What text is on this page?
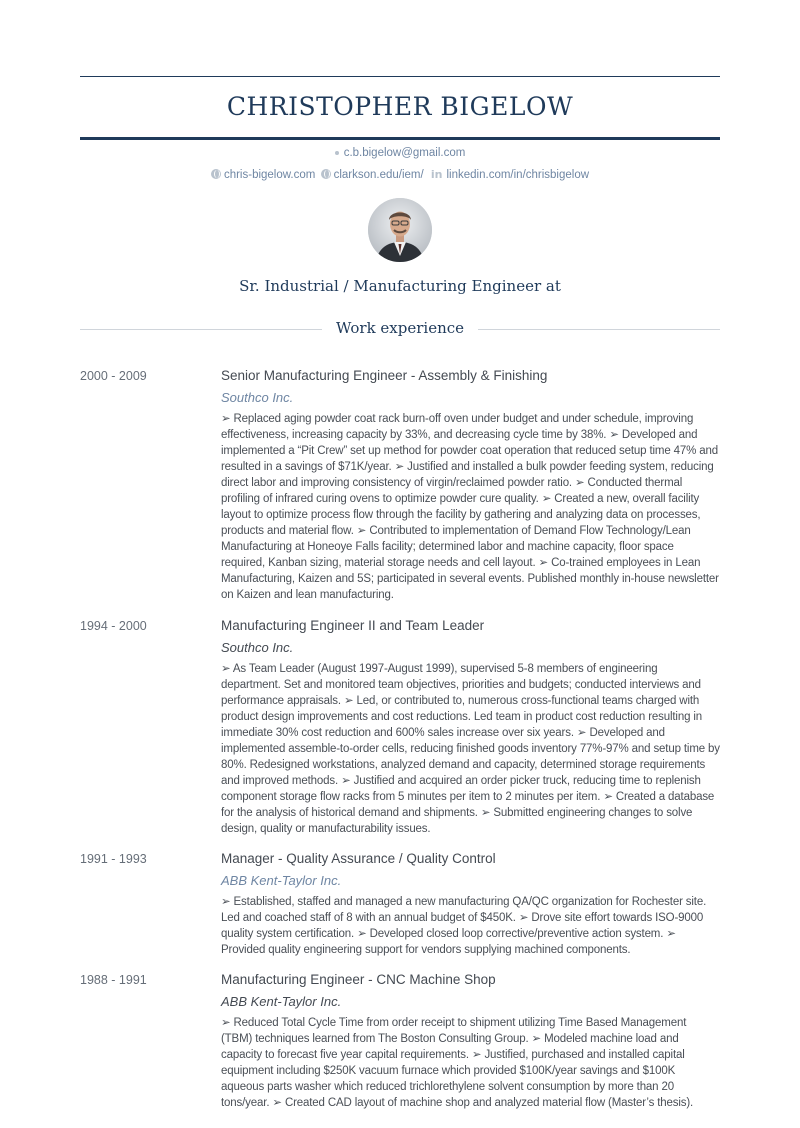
CHRISTOPHER BIGELOW
c.b.bigelow@gmail.com
chris-bigelow.com clarkson.edu/iem/ in linkedin.com/in/chrisbigelow
Sr. Industrial / Manufacturing Engineer at
Work experience
2000 - 2009	Senior Manufacturing Engineer - Assembly & Finishing
Southco Inc.
➢ Replaced aging powder coat rack burn-off oven under budget and under schedule, improving effectiveness, increasing capacity by 33%, and decreasing cycle time by 38%. ➢ Developed and implemented a “Pit Crew” set up method for powder coat operation that reduced setup time 47% and resulted in a savings of $71K/year. ➢ Justified and installed a bulk powder feeding system, reducing direct labor and improving consistency of virgin/reclaimed powder ratio. ➢ Conducted thermal profiling of infrared curing ovens to optimize powder cure quality. ➢ Created a new, overall facility layout to optimize process flow through the facility by gathering and analyzing data on processes, products and material flow. ➢ Contributed to implementation of Demand Flow Technology/Lean Manufacturing at Honeoye Falls facility; determined labor and machine capacity, floor space required, Kanban sizing, material storage needs and cell layout. ➢ Co-trained employees in Lean Manufacturing, Kaizen and 5S; participated in several events. Published monthly in-house newsletter on Kaizen and lean manufacturing.
1994 - 2000	Manufacturing Engineer II and Team Leader
Southco Inc.
➢ As Team Leader (August 1997-August 1999), supervised 5-8 members of engineering department. Set and monitored team objectives, priorities and budgets; conducted interviews and performance appraisals. ➢ Led, or contributed to, numerous cross-functional teams charged with product design improvements and cost reductions. Led team in product cost reduction resulting in immediate 30% cost reduction and 600% sales increase over six years. ➢ Developed and implemented assemble-to-order cells, reducing finished goods inventory 77%-97% and setup time by 80%. Redesigned workstations, analyzed demand and capacity, determined storage requirements and improved methods. ➢ Justified and acquired an order picker truck, reducing time to replenish component storage flow racks from 5 minutes per item to 2 minutes per item. ➢ Created a database for the analysis of historical demand and shipments. ➢ Submitted engineering changes to solve design, quality or manufacturability issues.
1991 - 1993	Manager - Quality Assurance / Quality Control
ABB Kent-Taylor Inc.
➢ Established, staffed and managed a new manufacturing QA/QC organization for Rochester site. Led and coached staff of 8 with an annual budget of $450K. ➢ Drove site effort towards ISO-9000 quality system certification. ➢ Developed closed loop corrective/preventive action system. ➢ Provided quality engineering support for vendors supplying machined components.
1988 - 1991	Manufacturing Engineer - CNC Machine Shop
ABB Kent-Taylor Inc.
➢ Reduced Total Cycle Time from order receipt to shipment utilizing Time Based Management (TBM) techniques learned from The Boston Consulting Group. ➢ Modeled machine load and capacity to forecast five year capital requirements. ➢ Justified, purchased and installed capital equipment including $250K vacuum furnace which provided $100K/year savings and $100K aqueous parts washer which reduced trichlorethylene solvent consumption by more than 20 tons/year. ➢ Created CAD layout of machine shop and analyzed material flow (Master’s thesis).
